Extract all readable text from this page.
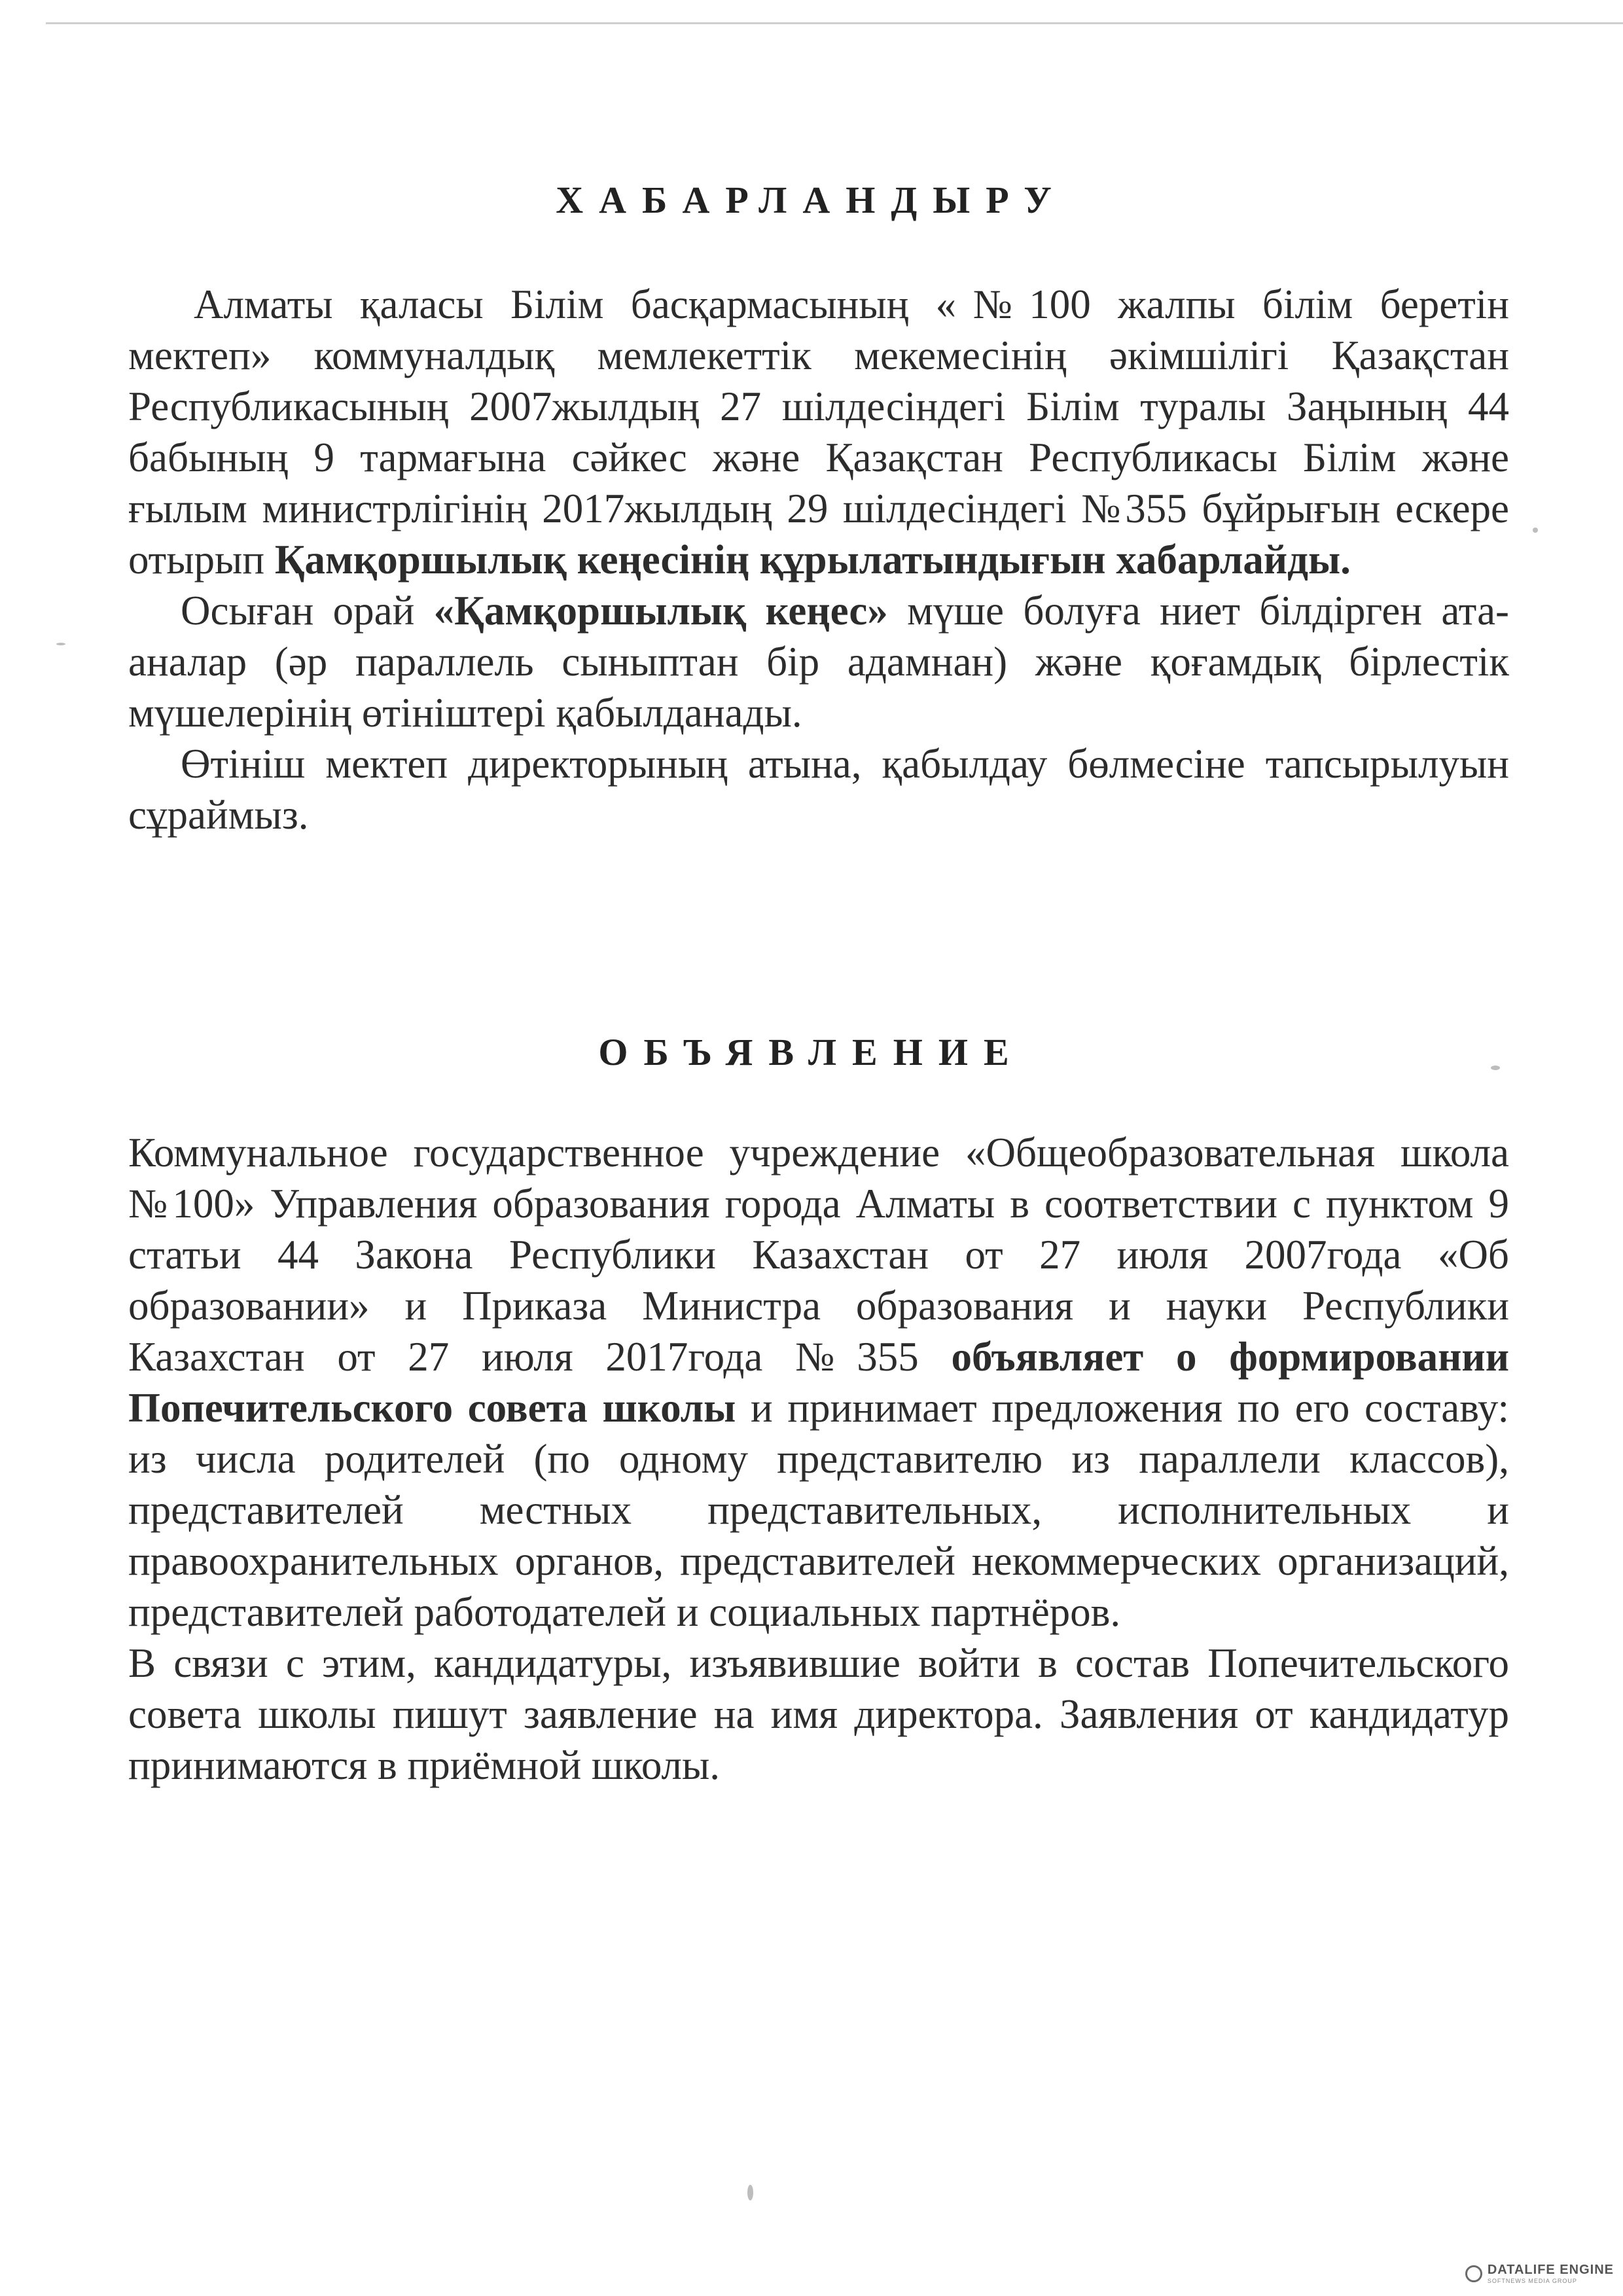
ХАБАРЛАНДЫРУ

Алматы қаласы Білім басқармасының «№100 жалпы білім беретін мектеп» коммуналдық мемлекеттік мекемесінің әкімшілігі Қазақстан Республикасының 2007жылдың 27 шілдесіндегі Білім туралы Заңының 44 бабының 9 тармағына сәйкес және Қазақстан Республикасы Білім және ғылым министрлігінің 2017жылдың 29 шілдесіндегі №355 бұйрығын ескере отырып Қамқоршылық кеңесінің құрылатындығын хабарлайды.

Осыған орай «Қамқоршылық кеңес» мүше болуға ниет білдірген ата-аналар (әр параллель сыныптан бір адамнан) және қоғамдық бірлестік мүшелерінің өтініштері қабылданады.

Өтініш мектеп директорының атына, қабылдау бөлмесіне тапсырылуын сұраймыз.

ОБЪЯВЛЕНИЕ

Коммунальное государственное учреждение «Общеобразовательная школа №100» Управления образования города Алматы в соответствии с пунктом 9 статьи 44 Закона Республики Казахстан от 27 июля 2007года «Об образовании» и Приказа Министра образования и науки Республики Казахстан от 27 июля 2017года №355 объявляет о формировании Попечительского совета школы и принимает предложения по его составу: из числа родителей (по одному представителю из параллели классов), представителей местных представительных, исполнительных и правоохранительных органов, представителей некоммерческих организаций, представителей работодателей и социальных партнёров.

В связи с этим, кандидатуры, изъявившие войти в состав Попечительского совета школы пишут заявление на имя директора. Заявления от кандидатур принимаются в приёмной школы.

DATALIFE ENGINE
SOFTNEWS MEDIA GROUP
